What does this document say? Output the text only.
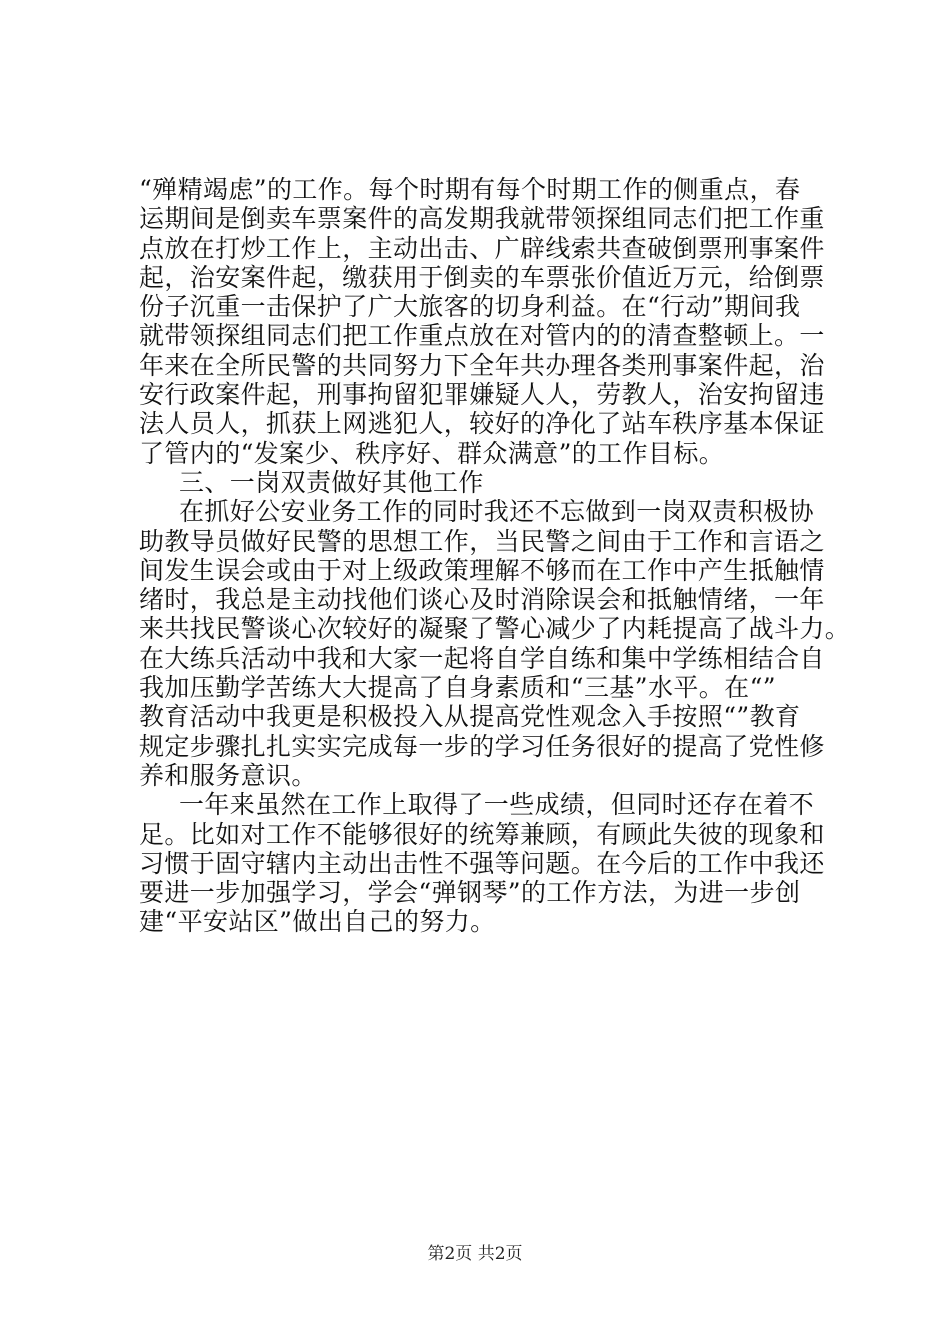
“殚精竭虑”的工作。每个时期有每个时期工作的侧重点，春
运期间是倒卖车票案件的高发期我就带领探组同志们把工作重
点放在打炒工作上，主动出击、广辟线索共查破倒票刑事案件
起，治安案件起，缴获用于倒卖的车票张价值近万元，给倒票
份子沉重一击保护了广大旅客的切身利益。在“行动”期间我
就带领探组同志们把工作重点放在对管内的的清查整顿上。一
年来在全所民警的共同努力下全年共办理各类刑事案件起，治
安行政案件起，刑事拘留犯罪嫌疑人人，劳教人，治安拘留违
法人员人，抓获上网逃犯人，较好的净化了站车秩序基本保证
了管内的“发案少、秩序好、群众满意”的工作目标。
三、一岗双责做好其他工作
在抓好公安业务工作的同时我还不忘做到一岗双责积极协
助教导员做好民警的思想工作，当民警之间由于工作和言语之
间发生误会或由于对上级政策理解不够而在工作中产生抵触情
绪时，我总是主动找他们谈心及时消除误会和抵触情绪，一年
来共找民警谈心次较好的凝聚了警心减少了内耗提高了战斗力。
在大练兵活动中我和大家一起将自学自练和集中学练相结合自
我加压勤学苦练大大提高了自身素质和“三基”水平。在“”
教育活动中我更是积极投入从提高党性观念入手按照“”教育
规定步骤扎扎实实完成每一步的学习任务很好的提高了党性修
养和服务意识。
一年来虽然在工作上取得了一些成绩，但同时还存在着不
足。比如对工作不能够很好的统筹兼顾，有顾此失彼的现象和
习惯于固守辖内主动出击性不强等问题。在今后的工作中我还
要进一步加强学习，学会“弹钢琴”的工作方法，为进一步创
建“平安站区”做出自己的努力。
第2页 共2页
